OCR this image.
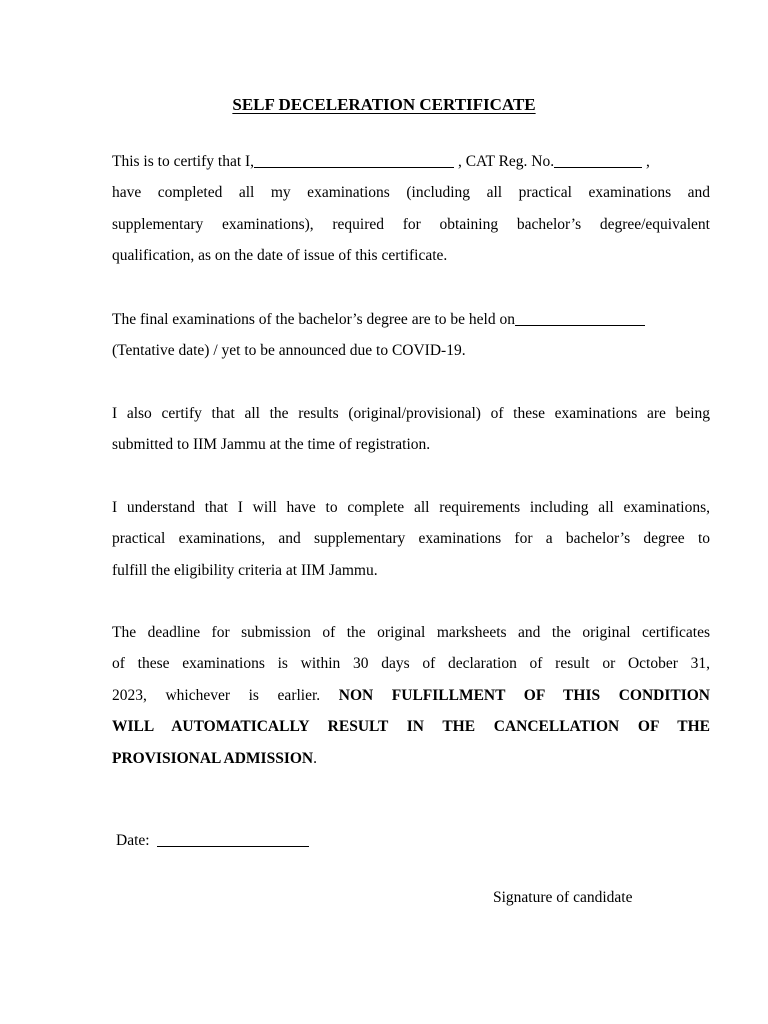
SELF DECELERATION CERTIFICATE
This is to certify that I,	, CAT Reg. No.	,
have completed all my examinations (including all practical examinations and
supplementary examinations), required for obtaining bachelor’s degree/equivalent
qualification, as on the date of issue of this certificate.
The final examinations of the bachelor’s degree are to be held on
(Tentative date) / yet to be announced due to COVID-19.
I also certify that all the results (original/provisional) of these examinations are being
submitted to IIM Jammu at the time of registration.
I understand that I will have to complete all requirements including all examinations,
practical examinations, and supplementary examinations for a bachelor’s degree to
fulfill the eligibility criteria at IIM Jammu.
The deadline for submission of the original marksheets and the original certificates
of these examinations is within 30 days of declaration of result or October 31,
2023, whichever is earlier. NON FULFILLMENT OF THIS CONDITION
WILL AUTOMATICALLY RESULT IN THE CANCELLATION OF THE
PROVISIONAL ADMISSION.
Date:
Signature of candidate
